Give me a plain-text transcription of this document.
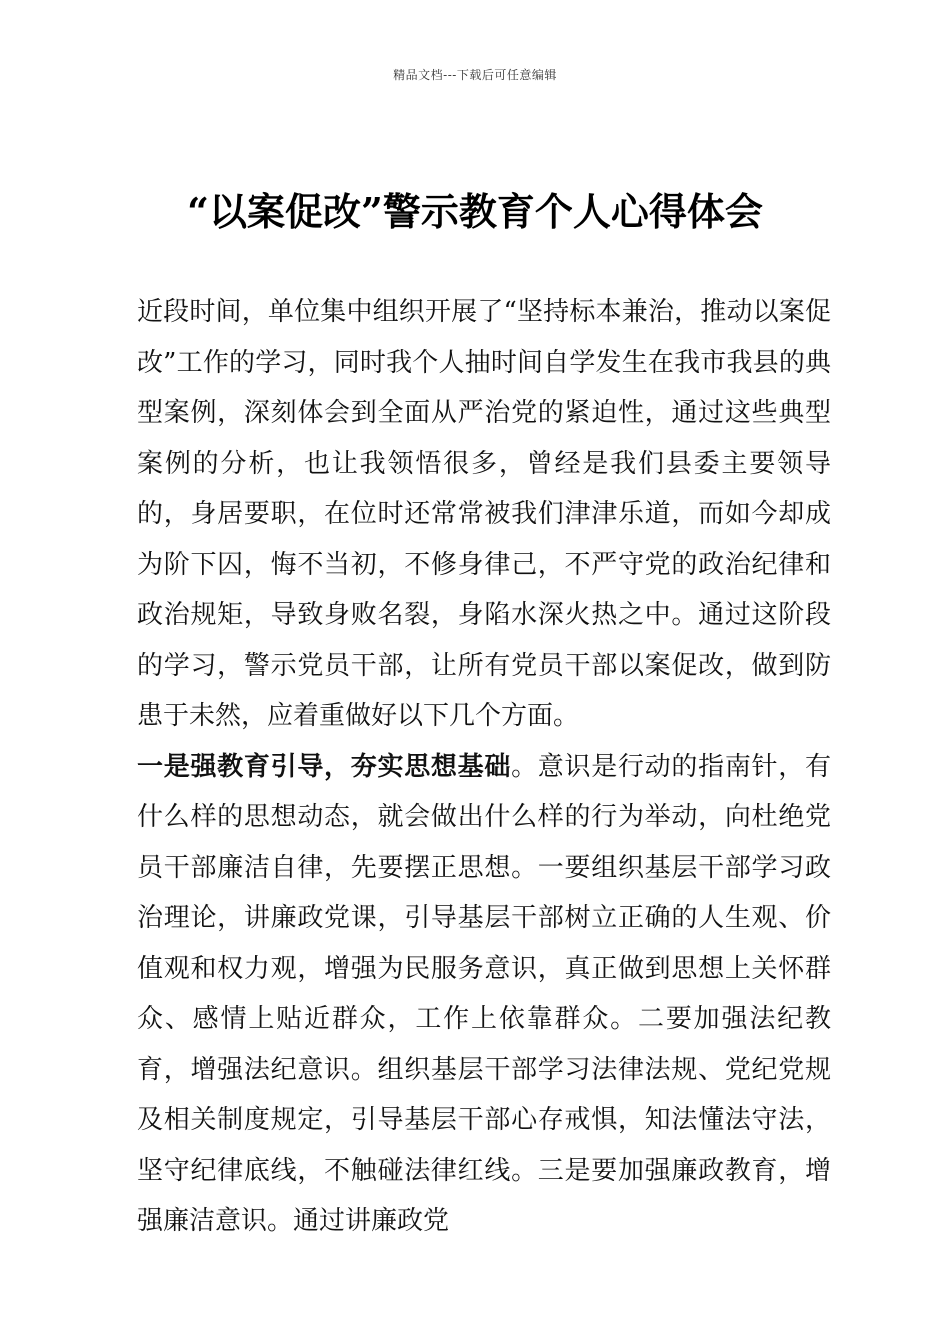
精品文档---下载后可任意编辑
“以案促改”警示教育个人心得体会

近段时间，单位集中组织开展了“坚持标本兼治，推动以案促改”工作的学习，同时我个人抽时间自学发生在我市我县的典型案例，深刻体会到全面从严治党的紧迫性，通过这些典型案例的分析，也让我领悟很多，曾经是我们县委主要领导的，身居要职，在位时还常常被我们津津乐道，而如今却成为阶下囚，悔不当初，不修身律己，不严守党的政治纪律和政治规矩，导致身败名裂，身陷水深火热之中。通过这阶段的学习，警示党员干部，让所有党员干部以案促改，做到防患于未然，应着重做好以下几个方面。

一是强教育引导，夯实思想基础。意识是行动的指南针，有什么样的思想动态，就会做出什么样的行为举动，向杜绝党员干部廉洁自律，先要摆正思想。一要组织基层干部学习政治理论，讲廉政党课，引导基层干部树立正确的人生观、价值观和权力观，增强为民服务意识，真正做到思想上关怀群众、感情上贴近群众，工作上依靠群众。二要加强法纪教育，增强法纪意识。组织基层干部学习法律法规、党纪党规及相关制度规定，引导基层干部心存戒惧，知法懂法守法，坚守纪律底线，不触碰法律红线。三是要加强廉政教育，增强廉洁意识。通过讲廉政党
